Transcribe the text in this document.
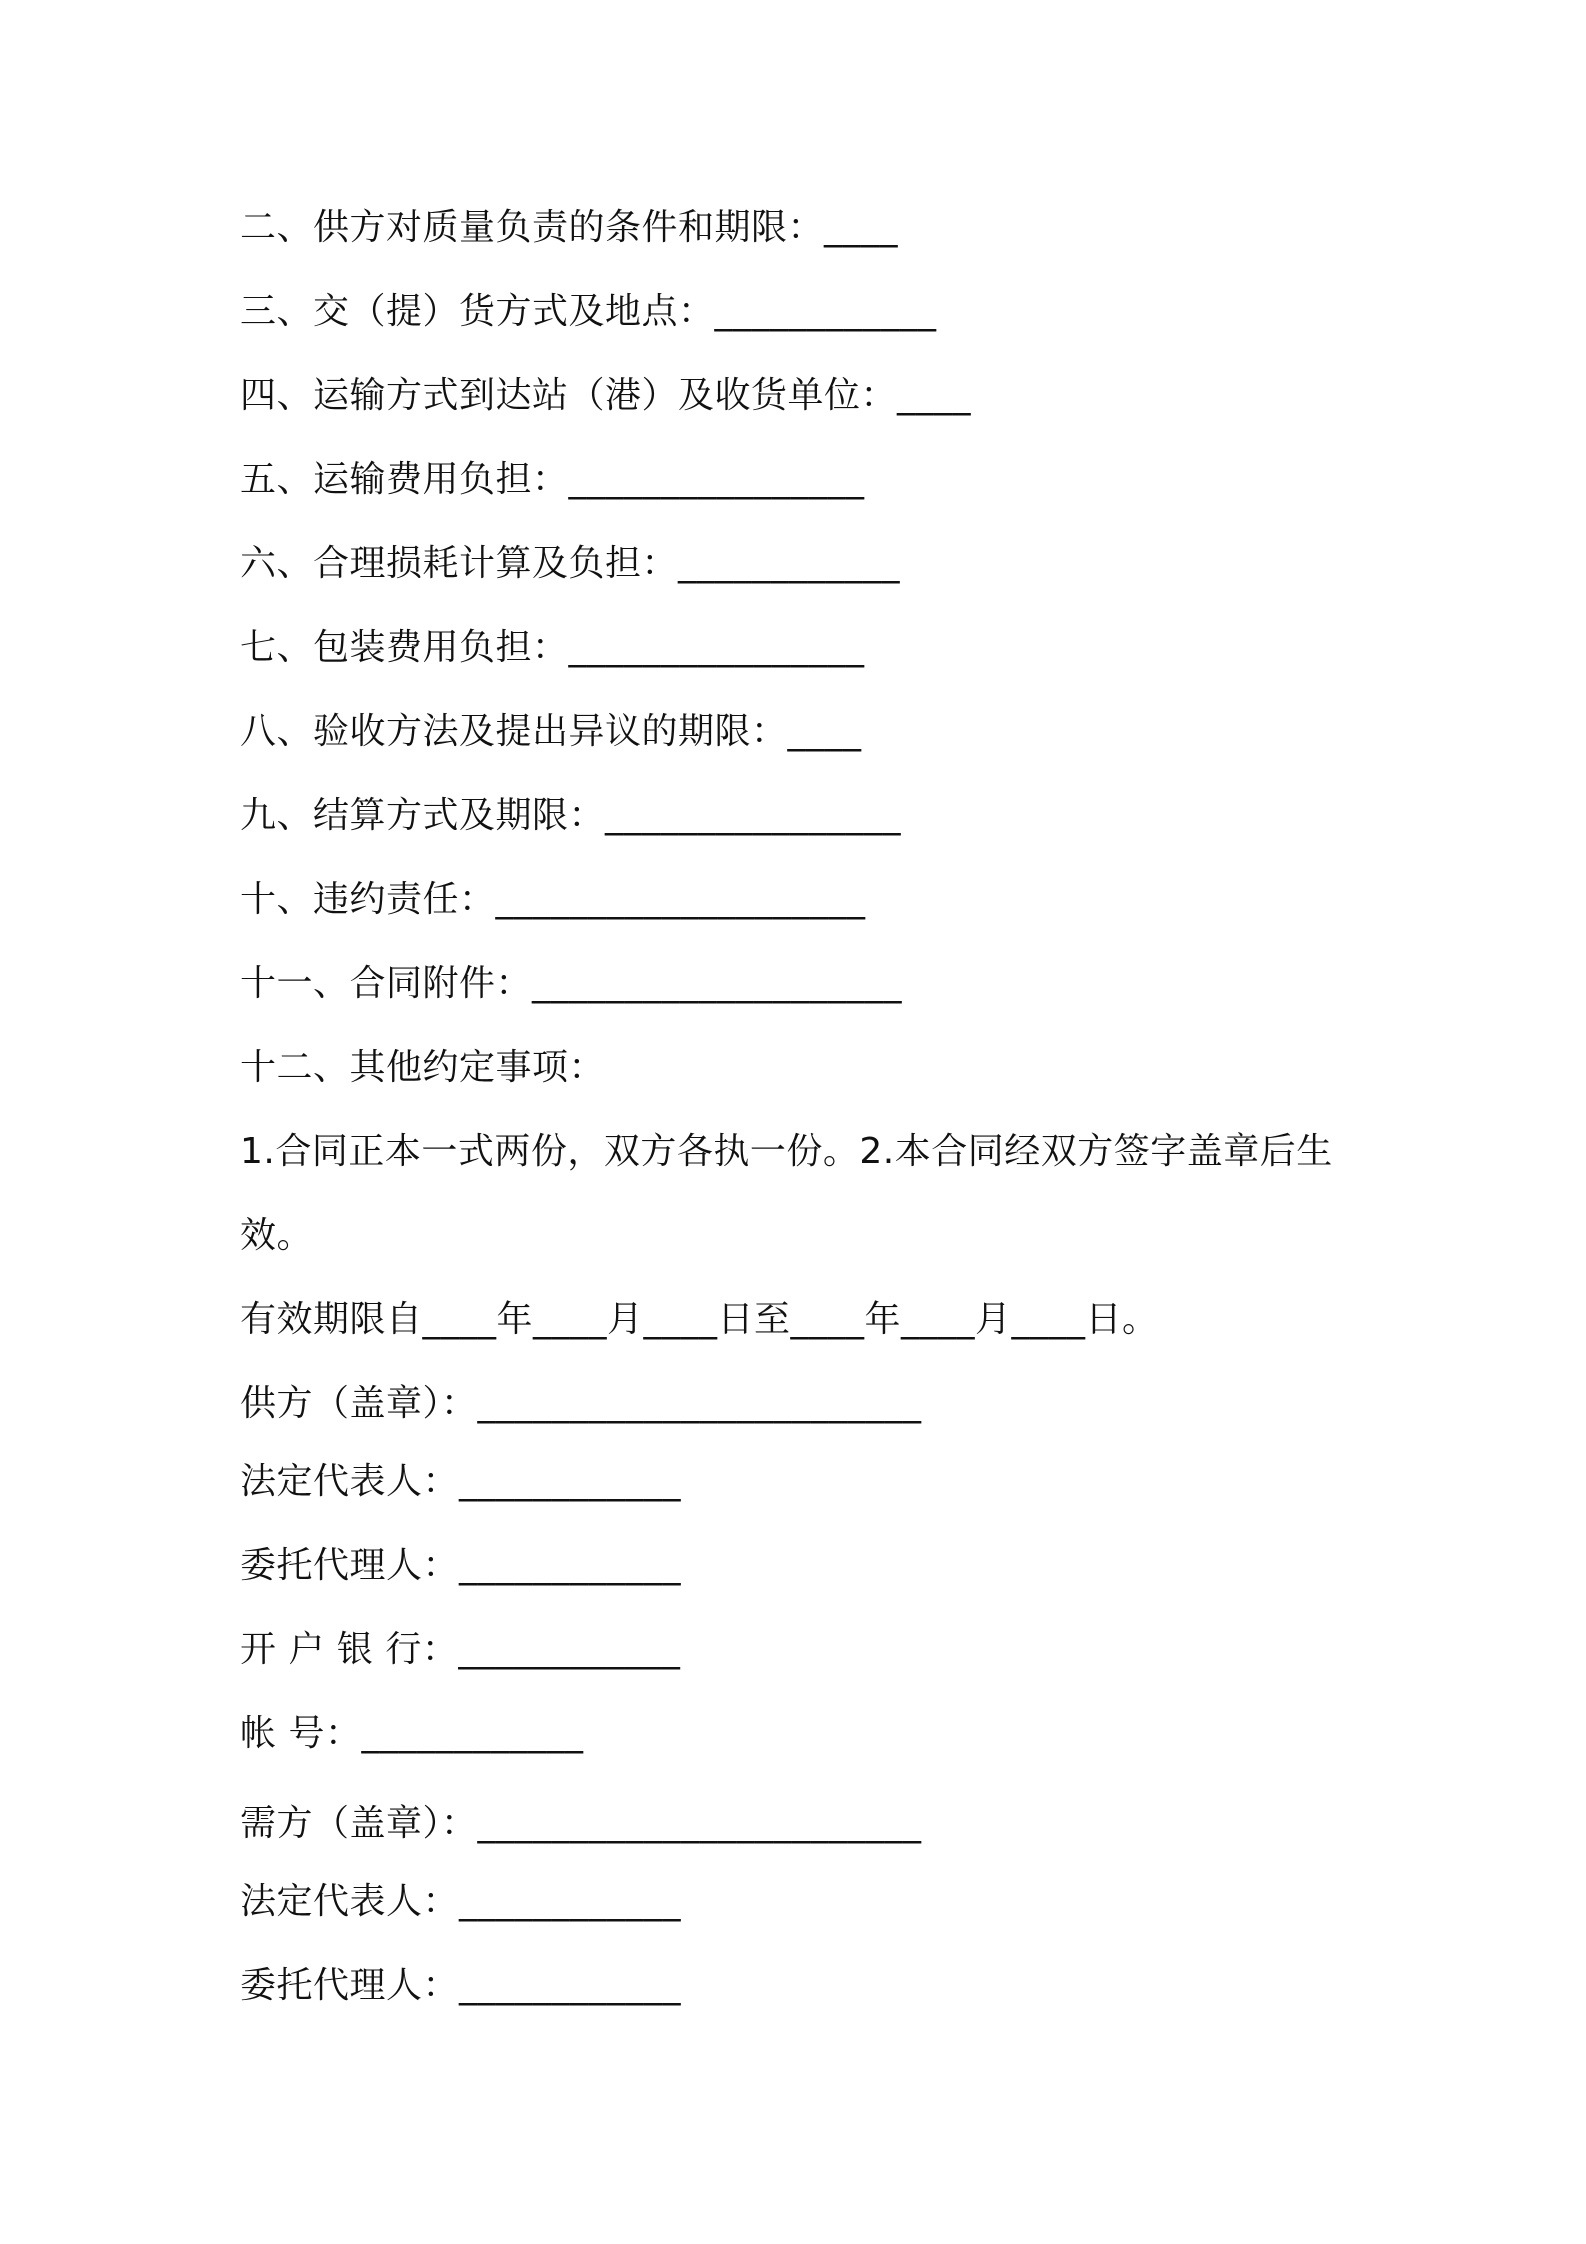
二、供方对质量负责的条件和期限：____
三、交（提）货方式及地点：____________
四、运输方式到达站（港）及收货单位：____
五、运输费用负担：________________
六、合理损耗计算及负担：____________
七、包装费用负担：________________
八、验收方法及提出异议的期限：____
九、结算方式及期限：________________
十、违约责任：____________________
十一、合同附件：____________________
十二、其他约定事项：
1.合同正本一式两份，双方各执一份。2.本合同经双方签字盖章后生
效。
有效期限自____年____月____日至____年____月____日。
供方（盖章）：________________________
法定代表人：____________
委托代理人：____________
开 户 银 行：____________
帐 号：____________
需方（盖章）：________________________
法定代表人：____________
委托代理人：____________
